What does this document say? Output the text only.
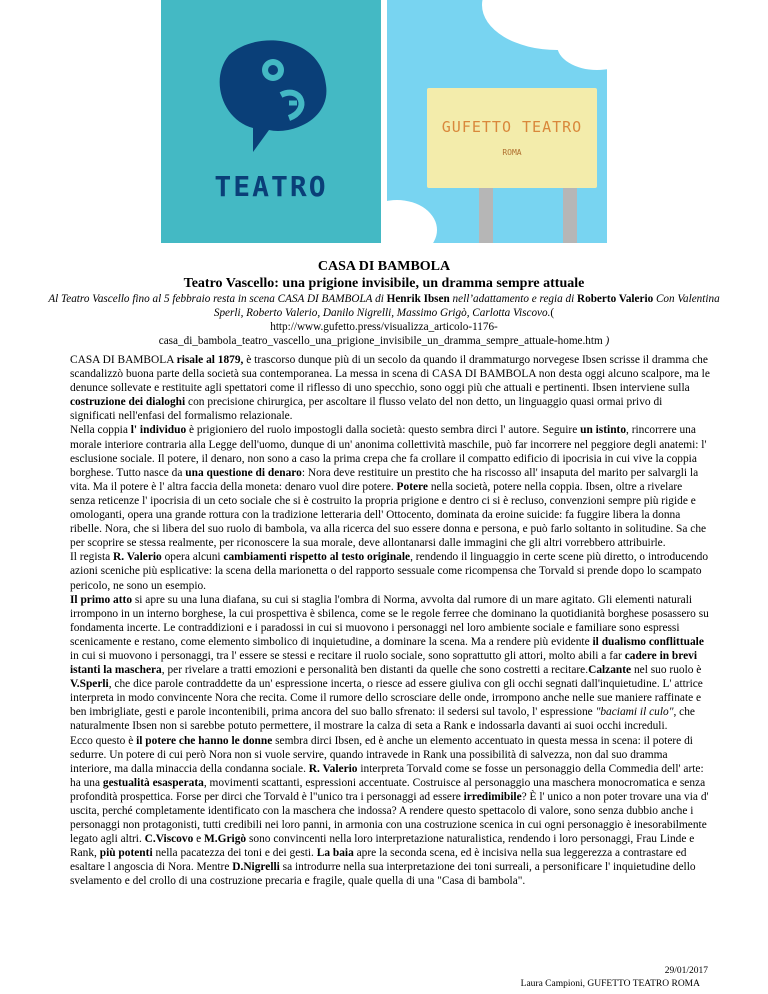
TEATRO
GUFETTO TEATRO
ROMA

CASA DI BAMBOLA

Teatro Vascello: una prigione invisibile, un dramma sempre attuale

Al Teatro Vascello fino al 5 febbraio resta in scena CASA DI BAMBOLA di Henrik Ibsen nell’adattamento e regia di Roberto Valerio Con Valentina Sperli, Roberto Valerio, Danilo Nigrelli, Massimo Grigò, Carlotta Viscovo.(
http://www.gufetto.press/visualizza_articolo-1176-
casa_di_bambola_teatro_vascello_una_prigione_invisibile_un_dramma_sempre_attuale-home.htm )

CASA DI BAMBOLA risale al 1879, è trascorso dunque più di un secolo da quando il drammaturgo norvegese Ibsen scrisse il dramma che scandalizzò buona parte della società sua contemporanea. La messa in scena di CASA DI BAMBOLA non desta oggi alcuno scalpore, ma le denunce sollevate e restituite agli spettatori come il riflesso di uno specchio, sono oggi più che attuali e pertinenti. Ibsen interviene sulla costruzione dei dialoghi con precisione chirurgica, per ascoltare il flusso velato del non detto, un linguaggio quasi ormai privo di significati nell'enfasi del formalismo relazionale.

Nella coppia l' individuo è prigioniero del ruolo impostogli dalla società: questo sembra dirci l' autore. Seguire un istinto, rincorrere una morale interiore contraria alla Legge dell'uomo, dunque di un' anonima collettività maschile, può far incorrere nel peggiore degli anatemi: l' esclusione sociale. Il potere, il denaro, non sono a caso la prima crepa che fa crollare il compatto edificio di ipocrisia in cui vive la coppia borghese. Tutto nasce da una questione di denaro: Nora deve restituire un prestito che ha riscosso all' insaputa del marito per salvargli la vita. Ma il potere è l' altra faccia della moneta: denaro vuol dire potere. Potere nella società, potere nella coppia. Ibsen, oltre a rivelare senza reticenze l' ipocrisia di un ceto sociale che si è costruito la propria prigione e dentro ci si è recluso, convenzioni sempre più rigide e omologanti, opera una grande rottura con la tradizione letteraria dell' Ottocento, dominata da eroine suicide: fa fuggire libera la donna ribelle. Nora, che si libera del suo ruolo di bambola, va alla ricerca del suo essere donna e persona, e può farlo soltanto in solitudine. Sa che per scoprire se stessa realmente, per riconoscere la sua morale, deve allontanarsi dalle immagini che gli altri vorrebbero attribuirle.

Il regista R. Valerio opera alcuni cambiamenti rispetto al testo originale, rendendo il linguaggio in certe scene più diretto, o introducendo azioni sceniche più esplicative: la scena della marionetta o del rapporto sessuale come ricompensa che Torvald si prende dopo lo scampato pericolo, ne sono un esempio.

Il primo atto si apre su una luna diafana, su cui si staglia l'ombra di Norma, avvolta dal rumore di un mare agitato. Gli elementi naturali irrompono in un interno borghese, la cui prospettiva è sbilenca, come se le regole ferree che dominano la quotidianità borghese posassero su fondamenta incerte. Le contraddizioni e i paradossi in cui si muovono i personaggi nel loro ambiente sociale e familiare sono espressi scenicamente e restano, come elemento simbolico di inquietudine, a dominare la scena. Ma a rendere più evidente il dualismo conflittuale in cui si muovono i personaggi, tra l' essere se stessi e recitare il ruolo sociale, sono soprattutto gli attori, molto abili a far cadere in brevi istanti la maschera, per rivelare a tratti emozioni e personalità ben distanti da quelle che sono costretti a recitare.Calzante nel suo ruolo è V.Sperli, che dice parole contraddette da un' espressione incerta, o riesce ad essere giuliva con gli occhi segnati dall'inquietudine. L' attrice interpreta in modo convincente Nora che recita. Come il rumore dello scrosciare delle onde, irrompono anche nelle sue maniere raffinate e ben imbrigliate, gesti e parole incontenibili, prima ancora del suo ballo sfrenato: il sedersi sul tavolo, l' espressione "baciami il culo", che naturalmente Ibsen non si sarebbe potuto permettere, il mostrare la calza di seta a Rank e indossarla davanti ai suoi occhi increduli.

Ecco questo è il potere che hanno le donne sembra dirci Ibsen, ed è anche un elemento accentuato in questa messa in scena: il potere di sedurre. Un potere di cui però Nora non si vuole servire, quando intravede in Rank una possibilità di salvezza, non dal suo dramma interiore, ma dalla minaccia della condanna sociale. R. Valerio interpreta Torvald come se fosse un personaggio della Commedia dell' arte: ha una gestualità esasperata, movimenti scattanti, espressioni accentuate. Costruisce al personaggio una maschera monocromatica e senza profondità prospettica. Forse per dirci che Torvald è l"unico tra i personaggi ad essere irredimibile? È l' unico a non poter trovare una via d' uscita, perché completamente identificato con la maschera che indossa? A rendere questo spettacolo di valore, sono senza dubbio anche i personaggi non protagonisti, tutti credibili nei loro panni, in armonia con una costruzione scenica in cui ogni personaggio è inesorabilmente legato agli altri. C.Viscovo e M.Grigò sono convincenti nella loro interpretazione naturalistica, rendendo i loro personaggi, Frau Linde e Rank, più potenti nella pacatezza dei toni e dei gesti. La baia apre la seconda scena, ed è incisiva nella sua leggerezza a contrastare ed esaltare l angoscia di Nora. Mentre D.Nigrelli sa introdurre nella sua interpretazione dei toni surreali, a personificare l' inquietudine dello svelamento e del crollo di una costruzione precaria e fragile, quale quella di una "Casa di bambola".

29/01/2017
Laura Campioni, GUFETTO TEATRO ROMA
